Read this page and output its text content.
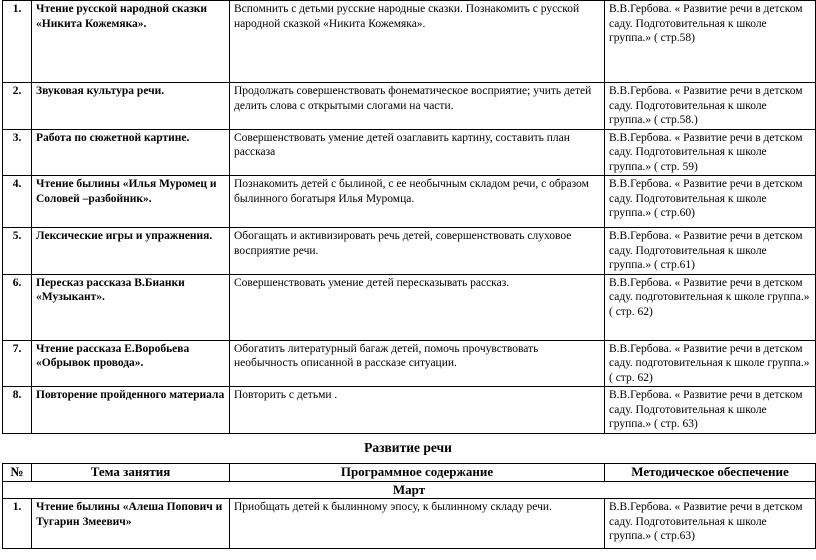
1.	Чтение русской народной сказки «Никита Кожемяка».	Вспомнить с детьми русские народные сказки. Познакомить с русской народной сказкой «Никита Кожемяка».	В.В.Гербова. « Развитие речи в детском саду. Подготовительная к школе группа.» ( стр.58)
2.	Звуковая культура речи.	Продолжать совершенствовать фонематическое восприятие; учить детей делить слова с открытыми слогами на части.	В.В.Гербова. « Развитие речи в детском саду. Подготовительная к школе группа.» ( стр.58.)
3.	Работа по сюжетной картине.	Совершенствовать умение детей озаглавить картину, составить план рассказа	В.В.Гербова. « Развитие речи в детском саду. Подготовительная к школе группа.» ( стр. 59)
4.	Чтение былины «Илья Муромец и Соловей –разбойник».	Познакомить детей с былиной, с ее необычным складом речи, с образом былинного богатыря Илья Муромца.	В.В.Гербова. « Развитие речи в детском саду. Подготовительная к школе группа.» ( стр.60)
5.	Лексические игры и упражнения.	Обогащать и активизировать речь детей, совершенствовать слуховое восприятие речи.	В.В.Гербова. « Развитие речи в детском саду. Подготовительная к школе группа.» ( стр.61)
6.	Пересказ рассказа В.Бианки «Музыкант».	Совершенствовать умение детей пересказывать рассказ.	В.В.Гербова. « Развитие речи в детском саду. подготовительная к школе группа.» ( стр. 62)
7.	Чтение рассказа Е.Воробьева «Обрывок провода».	Обогатить литературный багаж детей, помочь прочувствовать необычность описанной в рассказе ситуации.	В.В.Гербова. « Развитие речи в детском саду. подготовительная к школе группа.» ( стр. 62)
8.	Повторение пройденного материала	Повторить с детьми .	В.В.Гербова. « Развитие речи в детском саду. Подготовительная к школе группа.» ( стр. 63)
Развитие речи
№	Тема занятия	Программное содержание	Методическое обеспечение
Март			
1.	Чтение былины «Алеша Попович и Тугарин Змеевич»	Приобщать детей к былинному эпосу, к былинному складу речи.	В.В.Гербова. « Развитие речи в детском саду. Подготовительная к школе группа.» ( стр.63)
